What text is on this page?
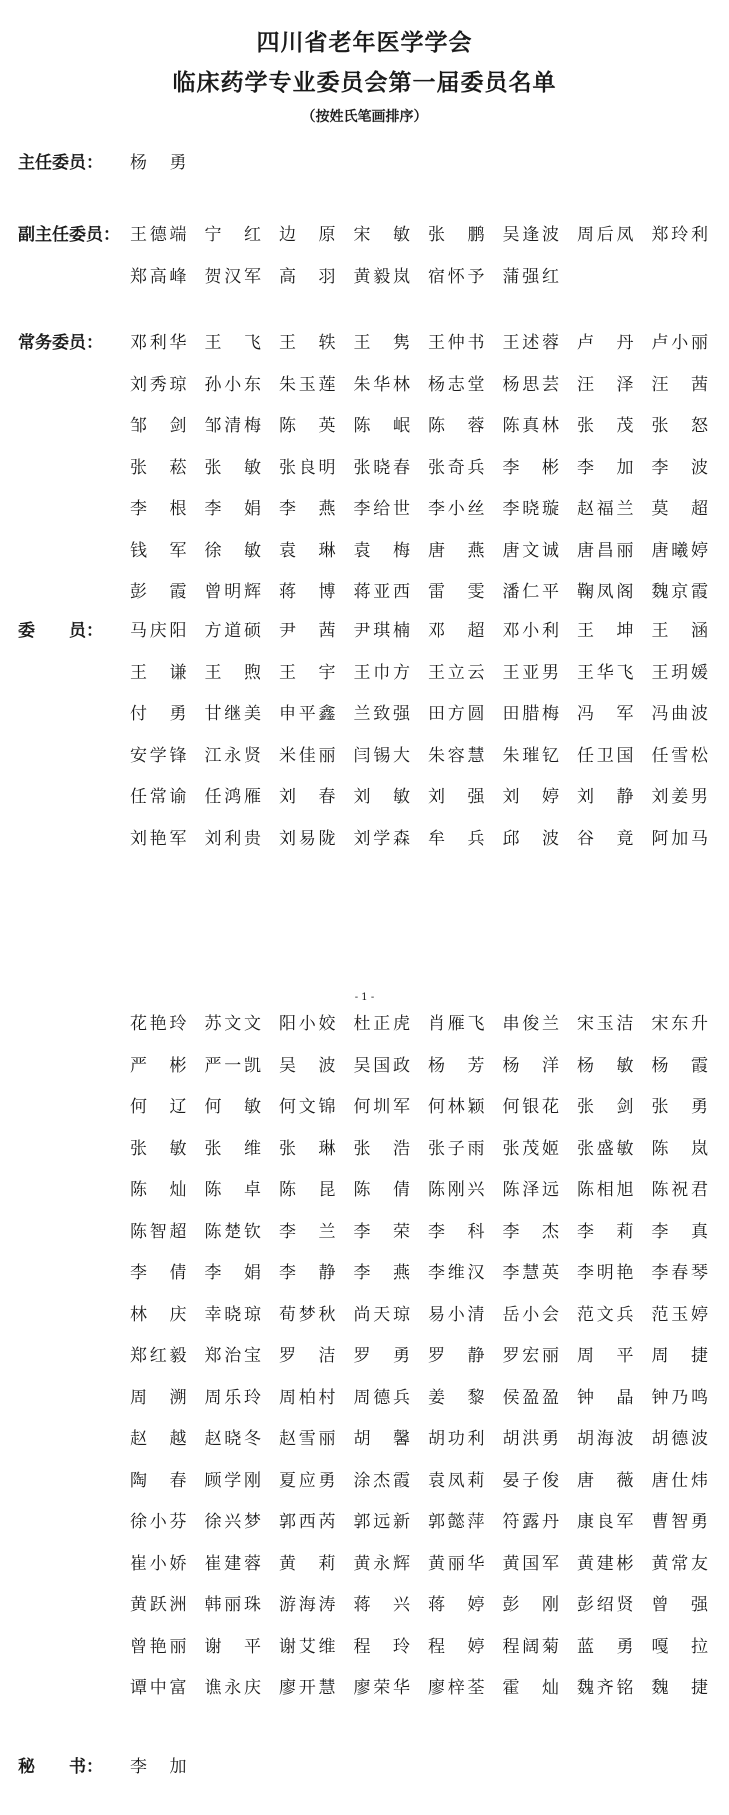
四川省老年医学学会
临床药学专业委员会第一届委员名单
（按姓氏笔画排序）
主任委员：	杨　勇
副主任委员： 王德端	宁　红	边　原	宋　敏	张　鹏	吴逢波	周后凤	郑玲利
郑高峰	贺汉军	高　羽	黄毅岚	宿怀予	蒲强红
常务委员：	邓利华	王　飞	王　轶	王　隽	王仲书	王述蓉	卢　丹	卢小丽
刘秀琼	孙小东	朱玉莲	朱华林	杨志堂	杨思芸	汪　泽	汪　茜
邹　剑	邹清梅	陈　英	陈　岷	陈　蓉	陈真林	张　茂	张　怒
张　菘	张　敏	张良明	张晓春	张奇兵	李　彬	李　加	李　波
李　根	李　娟	李　燕	李给世	李小丝	李晓璇	赵福兰	莫　超
钱　军	徐　敏	袁　琳	袁　梅	唐　燕	唐文诚	唐昌丽	唐曦婷
彭　霞	曾明辉	蒋　博	蒋亚西	雷　雯	潘仁平	鞠凤阁	魏京霞
委　　员：	马庆阳	方道硕	尹　茜	尹琪楠	邓　超	邓小利	王　坤	王　涵
王　谦	王　煦	王　宇	王巾方	王立云	王亚男	王华飞	王玥媛
付　勇	甘继美	申平鑫	兰致强	田方圆	田腊梅	冯　军	冯曲波
安学锋	江永贤	米佳丽	闫锡大	朱容慧	朱璀钇	任卫国	任雪松
任常谕	任鸿雁	刘　春	刘　敏	刘　强	刘　婷	刘　静	刘姜男
刘艳军	刘利贵	刘易陇	刘学森	牟　兵	邱　波	谷　竟	阿加马
- 1 -
花艳玲	苏文文	阳小姣	杜正虎	肖雁飞	串俊兰	宋玉洁	宋东升
严　彬	严一凯	吴　波	吴国政	杨　芳	杨　洋	杨　敏	杨　霞
何　辽	何　敏	何文锦	何圳军	何林颖	何银花	张　剑	张　勇
张　敏	张　维	张　琳	张　浩	张子雨	张茂姬	张盛敏	陈　岚
陈　灿	陈　卓	陈　昆	陈　倩	陈刚兴	陈泽远	陈相旭	陈祝君
陈智超	陈楚钦	李　兰	李　荣	李　科	李　杰	李　莉	李　真
李　倩	李　娟	李　静	李　燕	李维汉	李慧英	李明艳	李春琴
林　庆	幸晓琼	荀梦秋	尚天琼	易小清	岳小会	范文兵	范玉婷
郑红毅	郑治宝	罗　洁	罗　勇	罗　静	罗宏丽	周　平	周　捷
周　溯	周乐玲	周柏村	周德兵	姜　黎	侯盈盈	钟　晶	钟乃鸣
赵　越	赵晓冬	赵雪丽	胡　馨	胡功利	胡洪勇	胡海波	胡德波
陶　春	顾学刚	夏应勇	涂杰霞	袁凤莉	晏子俊	唐　薇	唐仕炜
徐小芬	徐兴梦	郭西芮	郭远新	郭懿萍	符露丹	康良军	曹智勇
崔小娇	崔建蓉	黄　莉	黄永辉	黄丽华	黄国军	黄建彬	黄常友
黄跃洲	韩丽珠	游海涛	蒋　兴	蒋　婷	彭　刚	彭绍贤	曾　强
曾艳丽	谢　平	谢艾维	程　玲	程　婷	程阔菊	蓝　勇	嘎　拉
谭中富	谯永庆	廖开慧	廖荣华	廖梓荃	霍　灿	魏齐铭	魏　捷
秘　　书：	李　加
